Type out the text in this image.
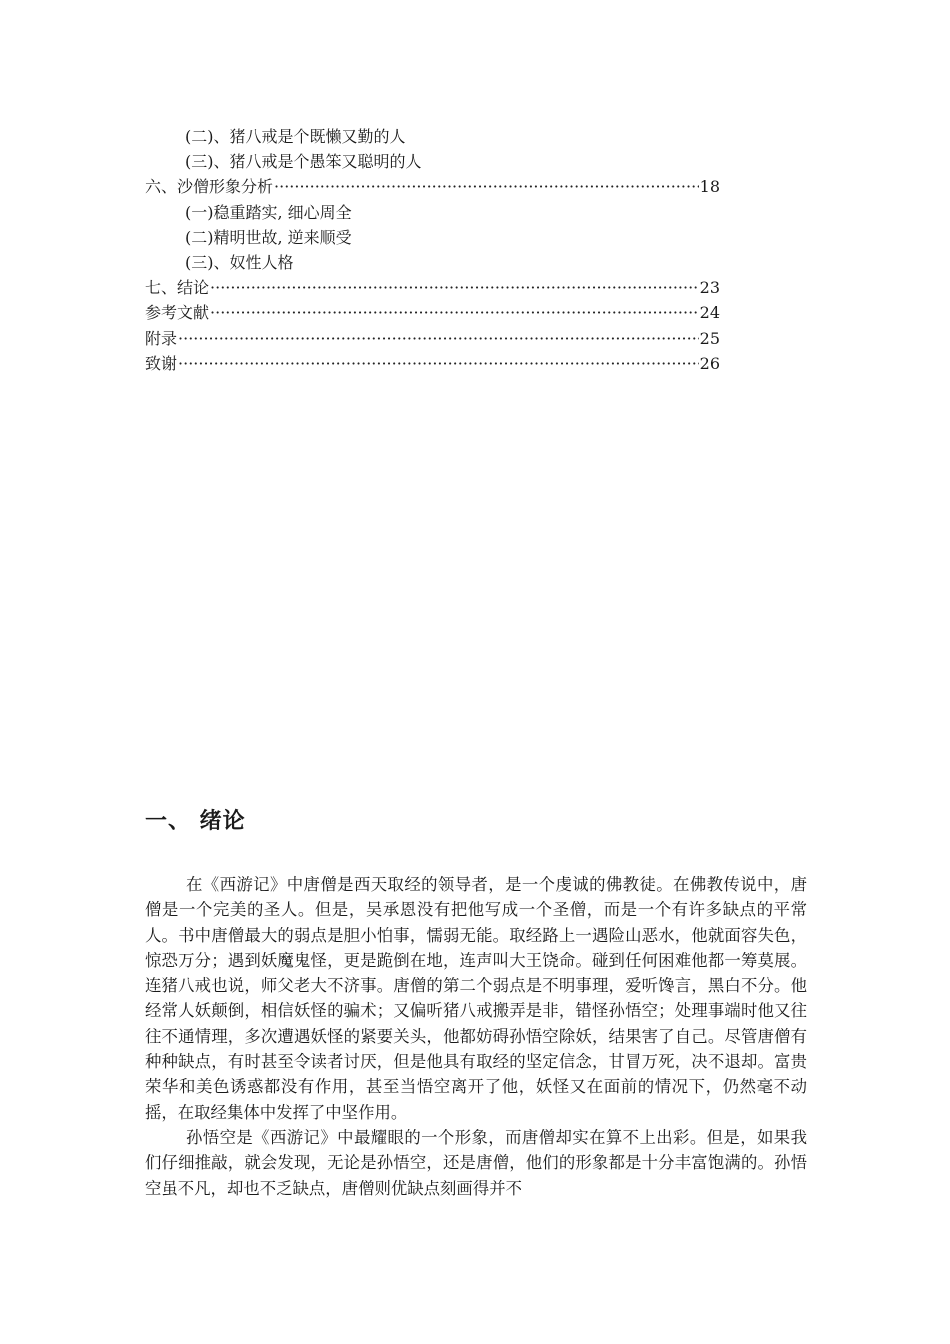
(二)、猪八戒是个既懒又勤的人
(三)、猪八戒是个愚笨又聪明的人
六、沙僧形象分析 ·····	18
(一)稳重踏实, 细心周全
(二)精明世故, 逆来顺受
(三)、奴性人格
七、结论 ·····	23
参考文献 ·····	24
附录 ·····	25
致谢 ·····	26
一、 绪论

在《西游记》中唐僧是西天取经的领导者，是一个虔诚的佛教徒。在佛教传说中，唐僧是一个完美的圣人。但是，吴承恩没有把他写成一个圣僧，而是一个有许多缺点的平常人。书中唐僧最大的弱点是胆小怕事，懦弱无能。取经路上一遇险山恶水，他就面容失色，惊恐万分；遇到妖魔鬼怪，更是跪倒在地，连声叫大王饶命。碰到任何困难他都一筹莫展。连猪八戒也说，师父老大不济事。唐僧的第二个弱点是不明事理，爱听馋言，黑白不分。他经常人妖颠倒，相信妖怪的骗术；又偏听猪八戒搬弄是非，错怪孙悟空；处理事端时他又往往不通情理，多次遭遇妖怪的紧要关头，他都妨碍孙悟空除妖，结果害了自己。尽管唐僧有种种缺点，有时甚至令读者讨厌，但是他具有取经的坚定信念，甘冒万死，决不退却。富贵荣华和美色诱惑都没有作用，甚至当悟空离开了他，妖怪又在面前的情况下，仍然毫不动摇，在取经集体中发挥了中坚作用。

孙悟空是《西游记》中最耀眼的一个形象，而唐僧却实在算不上出彩。但是，如果我们仔细推敲，就会发现，无论是孙悟空，还是唐僧，他们的形象都是十分丰富饱满的。孙悟空虽不凡，却也不乏缺点，唐僧则优缺点刻画得并不
